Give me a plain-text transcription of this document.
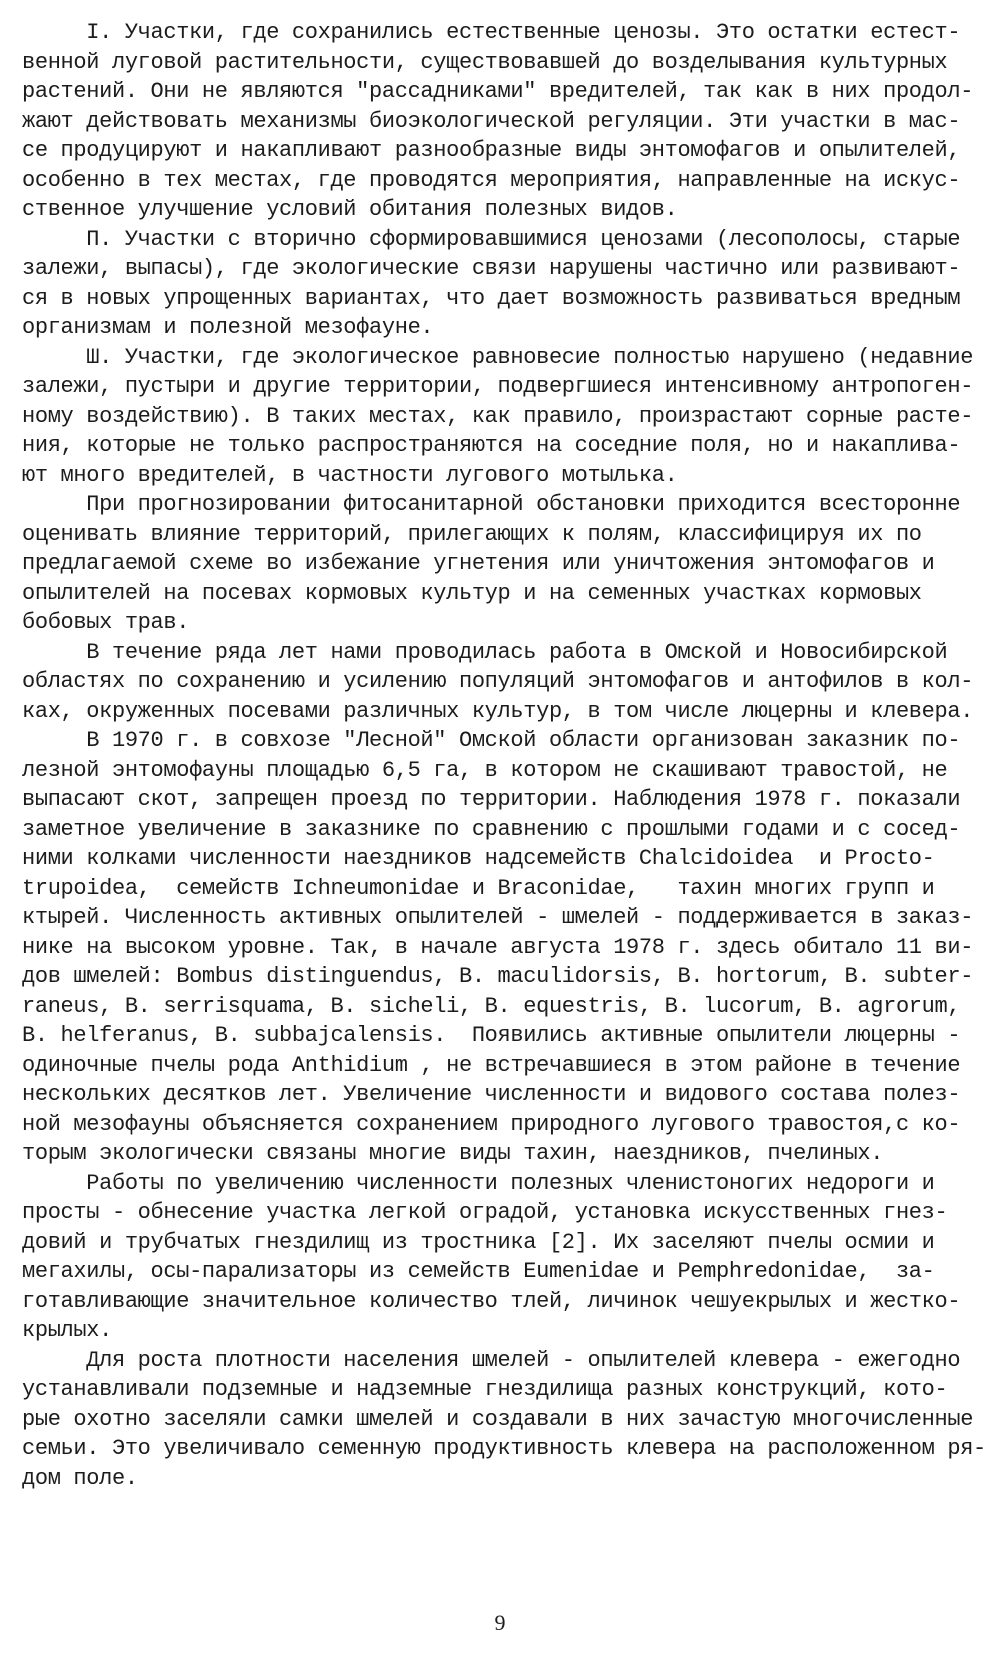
I. Участки, где сохранились естественные ценозы. Это остатки естест-
венной луговой растительности, существовавшей до возделывания культурных
растений. Они не являются "рассадниками" вредителей, так как в них продол-
жают действовать механизмы биоэкологической регуляции. Эти участки в мас-
се продуцируют и накапливают разнообразные виды энтомофагов и опылителей,
особенно в тех местах, где проводятся мероприятия, направленные на искус-
ственное улучшение условий обитания полезных видов.
П. Участки с вторично сформировавшимися ценозами (лесополосы, старые
залежи, выпасы), где экологические связи нарушены частично или развивают-
ся в новых упрощенных вариантах, что дает возможность развиваться вредным
организмам и полезной мезофауне.
Ш. Участки, где экологическое равновесие полностью нарушено (недавние
залежи, пустыри и другие территории, подвергшиеся интенсивному антропоген-
ному воздействию). В таких местах, как правило, произрастают сорные расте-
ния, которые не только распространяются на соседние поля, но и накаплива-
ют много вредителей, в частности лугового мотылька.
При прогнозировании фитосанитарной обстановки приходится всесторонне
оценивать влияние территорий, прилегающих к полям, классифицируя их по
предлагаемой схеме во избежание угнетения или уничтожения энтомофагов и
опылителей на посевах кормовых культур и на семенных участках кормовых
бобовых трав.
В течение ряда лет нами проводилась работа в Омской и Новосибирской
областях по сохранению и усилению популяций энтомофагов и антофилов в кол-
ках, окруженных посевами различных культур, в том числе люцерны и клевера.
В 1970 г. в совхозе "Лесной" Омской области организован заказник по-
лезной энтомофауны площадью 6,5 га, в котором не скашивают травостой, не
выпасают скот, запрещен проезд по территории. Наблюдения 1978 г. показали
заметное увеличение в заказнике по сравнению с прошлыми годами и с сосед-
ними колками численности наездников надсемейств Chalcidoidea  и Procto-
trupoidea,  семейств Ichneumonidae и Braconidae,   тахин многих групп и
ктырей. Численность активных опылителей - шмелей - поддерживается в заказ-
нике на высоком уровне. Так, в начале августа 1978 г. здесь обитало 11 ви-
дов шмелей: Bombus distinguendus, B. maculidorsis, B. hortorum, B. subter-
raneus, B. serrisquama, B. sicheli, B. equestris, B. lucorum, B. agrorum,
B. helferanus, B. subbajcalensis.  Появились активные опылители люцерны -
одиночные пчелы рода Anthidium , не встречавшиеся в этом районе в течение
нескольких десятков лет. Увеличение численности и видового состава полез-
ной мезофауны объясняется сохранением природного лугового травостоя,с ко-
торым экологически связаны многие виды тахин, наездников, пчелиных.
Работы по увеличению численности полезных членистоногих недороги и
просты - обнесение участка легкой оградой, установка искусственных гнез-
довий и трубчатых гнездилищ из тростника [2]. Их заселяют пчелы осмии и
мегахилы, осы-парализаторы из семейств Eumenidae и Pemphredonidae,  за-
готавливающие значительное количество тлей, личинок чешуекрылых и жестко-
крылых.
Для роста плотности населения шмелей - опылителей клевера - ежегодно
устанавливали подземные и надземные гнездилища разных конструкций, кото-
рые охотно заселяли самки шмелей и создавали в них зачастую многочисленные
семьи. Это увеличивало семенную продуктивность клевера на расположенном ря-
дом поле.
9
